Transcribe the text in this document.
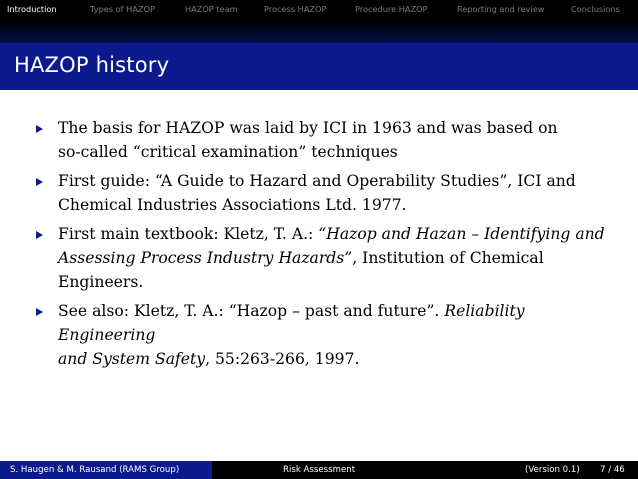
Introduction	Types of HAZOP	HAZOP team	Process HAZOP	Procedure HAZOP	Reporting and review	Conclusions
HAZOP history
The basis for HAZOP was laid by ICI in 1963 and was based on
so-called “critical examination” techniques
First guide: “A Guide to Hazard and Operability Studies”, ICI and
Chemical Industries Associations Ltd. 1977.
First main textbook: Kletz, T. A.: “Hazop and Hazan – Identifying and
Assessing Process Industry Hazards”, Institution of Chemical Engineers.
See also: Kletz, T. A.: “Hazop – past and future”. Reliability Engineering
and System Safety, 55:263-266, 1997.
S. Haugen & M. Rausand (RAMS Group)	Risk Assessment	(Version 0.1) 7 / 46
